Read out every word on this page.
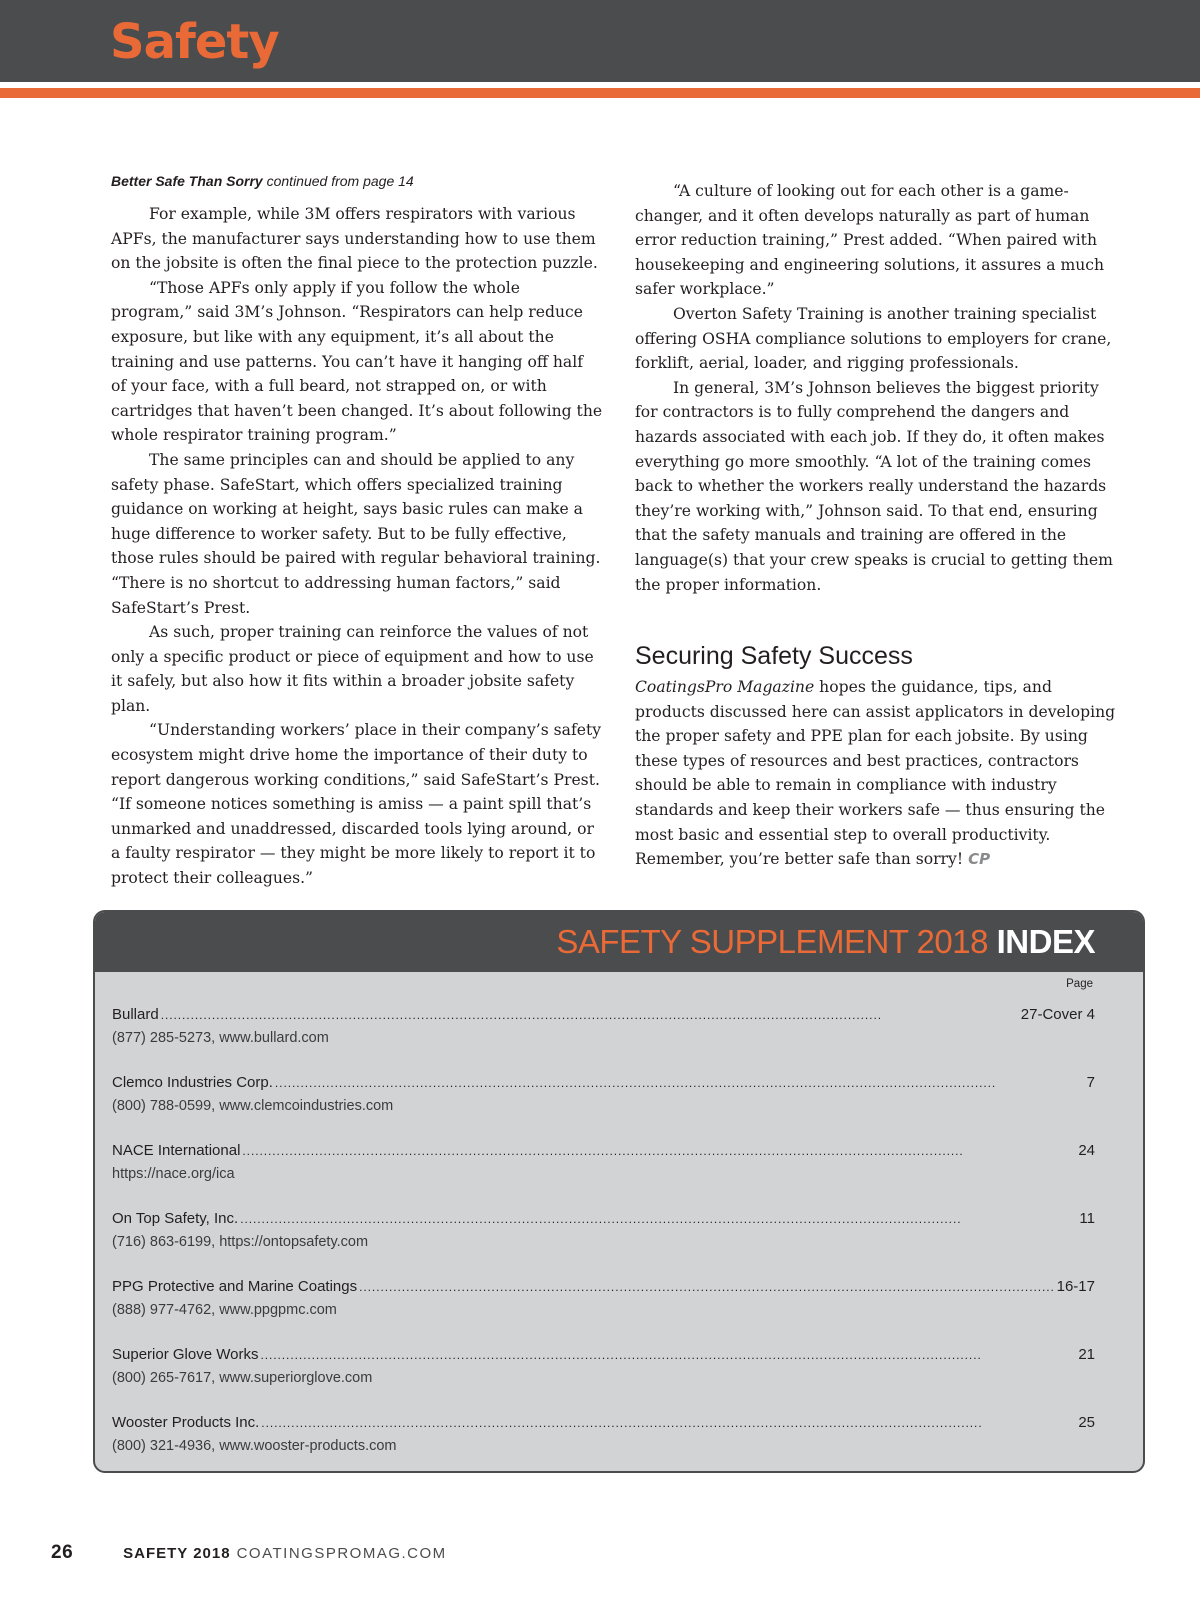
Safety
Better Safe Than Sorry continued from page 14

For example, while 3M offers respirators with various APFs, the manufacturer says understanding how to use them on the jobsite is often the final piece to the protection puzzle.

“Those APFs only apply if you follow the whole program,” said 3M’s Johnson. “Respirators can help reduce exposure, but like with any equipment, it’s all about the training and use patterns. You can’t have it hanging off half of your face, with a full beard, not strapped on, or with cartridges that haven’t been changed. It’s about following the whole respirator training program.”

The same principles can and should be applied to any safety phase. SafeStart, which offers specialized training guidance on working at height, says basic rules can make a huge difference to worker safety. But to be fully effective, those rules should be paired with regular behavioral training. “There is no shortcut to addressing human factors,” said SafeStart’s Prest.

As such, proper training can reinforce the values of not only a specific product or piece of equipment and how to use it safely, but also how it fits within a broader jobsite safety plan.

“Understanding workers’ place in their company’s safety ecosystem might drive home the importance of their duty to report dangerous working conditions,” said SafeStart’s Prest. “If someone notices something is amiss — a paint spill that’s unmarked and unaddressed, discarded tools lying around, or a faulty respirator — they might be more likely to report it to protect their colleagues.”

“A culture of looking out for each other is a game-changer, and it often develops naturally as part of human error reduction training,” Prest added. “When paired with housekeeping and engineering solutions, it assures a much safer workplace.”

Overton Safety Training is another training specialist offering OSHA compliance solutions to employers for crane, forklift, aerial, loader, and rigging professionals.

In general, 3M’s Johnson believes the biggest priority for contractors is to fully comprehend the dangers and hazards associated with each job. If they do, it often makes everything go more smoothly. “A lot of the training comes back to whether the workers really understand the hazards they’re working with,” Johnson said. To that end, ensuring that the safety manuals and training are offered in the language(s) that your crew speaks is crucial to getting them the proper information.

Securing Safety Success

CoatingsPro Magazine hopes the guidance, tips, and products discussed here can assist applicators in developing the proper safety and PPE plan for each jobsite. By using these types of resources and best practices, contractors should be able to remain in compliance with industry standards and keep their workers safe — thus ensuring the most basic and essential step to overall productivity. Remember, you’re better safe than sorry! CP

SAFETY SUPPLEMENT 2018 INDEX
Page
Bullard . . .	27-Cover 4
(877) 285-5273, www.bullard.com
Clemco Industries Corp. . . .	7
(800) 788-0599, www.clemcoindustries.com
NACE International . . .	24
https://nace.org/ica
On Top Safety, Inc. . . .	11
(716) 863-6199, https://ontopsafety.com
PPG Protective and Marine Coatings . . .	16-17
(888) 977-4762, www.ppgpmc.com
Superior Glove Works . . .	21
(800) 265-7617, www.superiorglove.com
Wooster Products Inc. . . .	25
(800) 321-4936, www.wooster-products.com
26	SAFETY 2018 COATINGSPROMAG.COM
